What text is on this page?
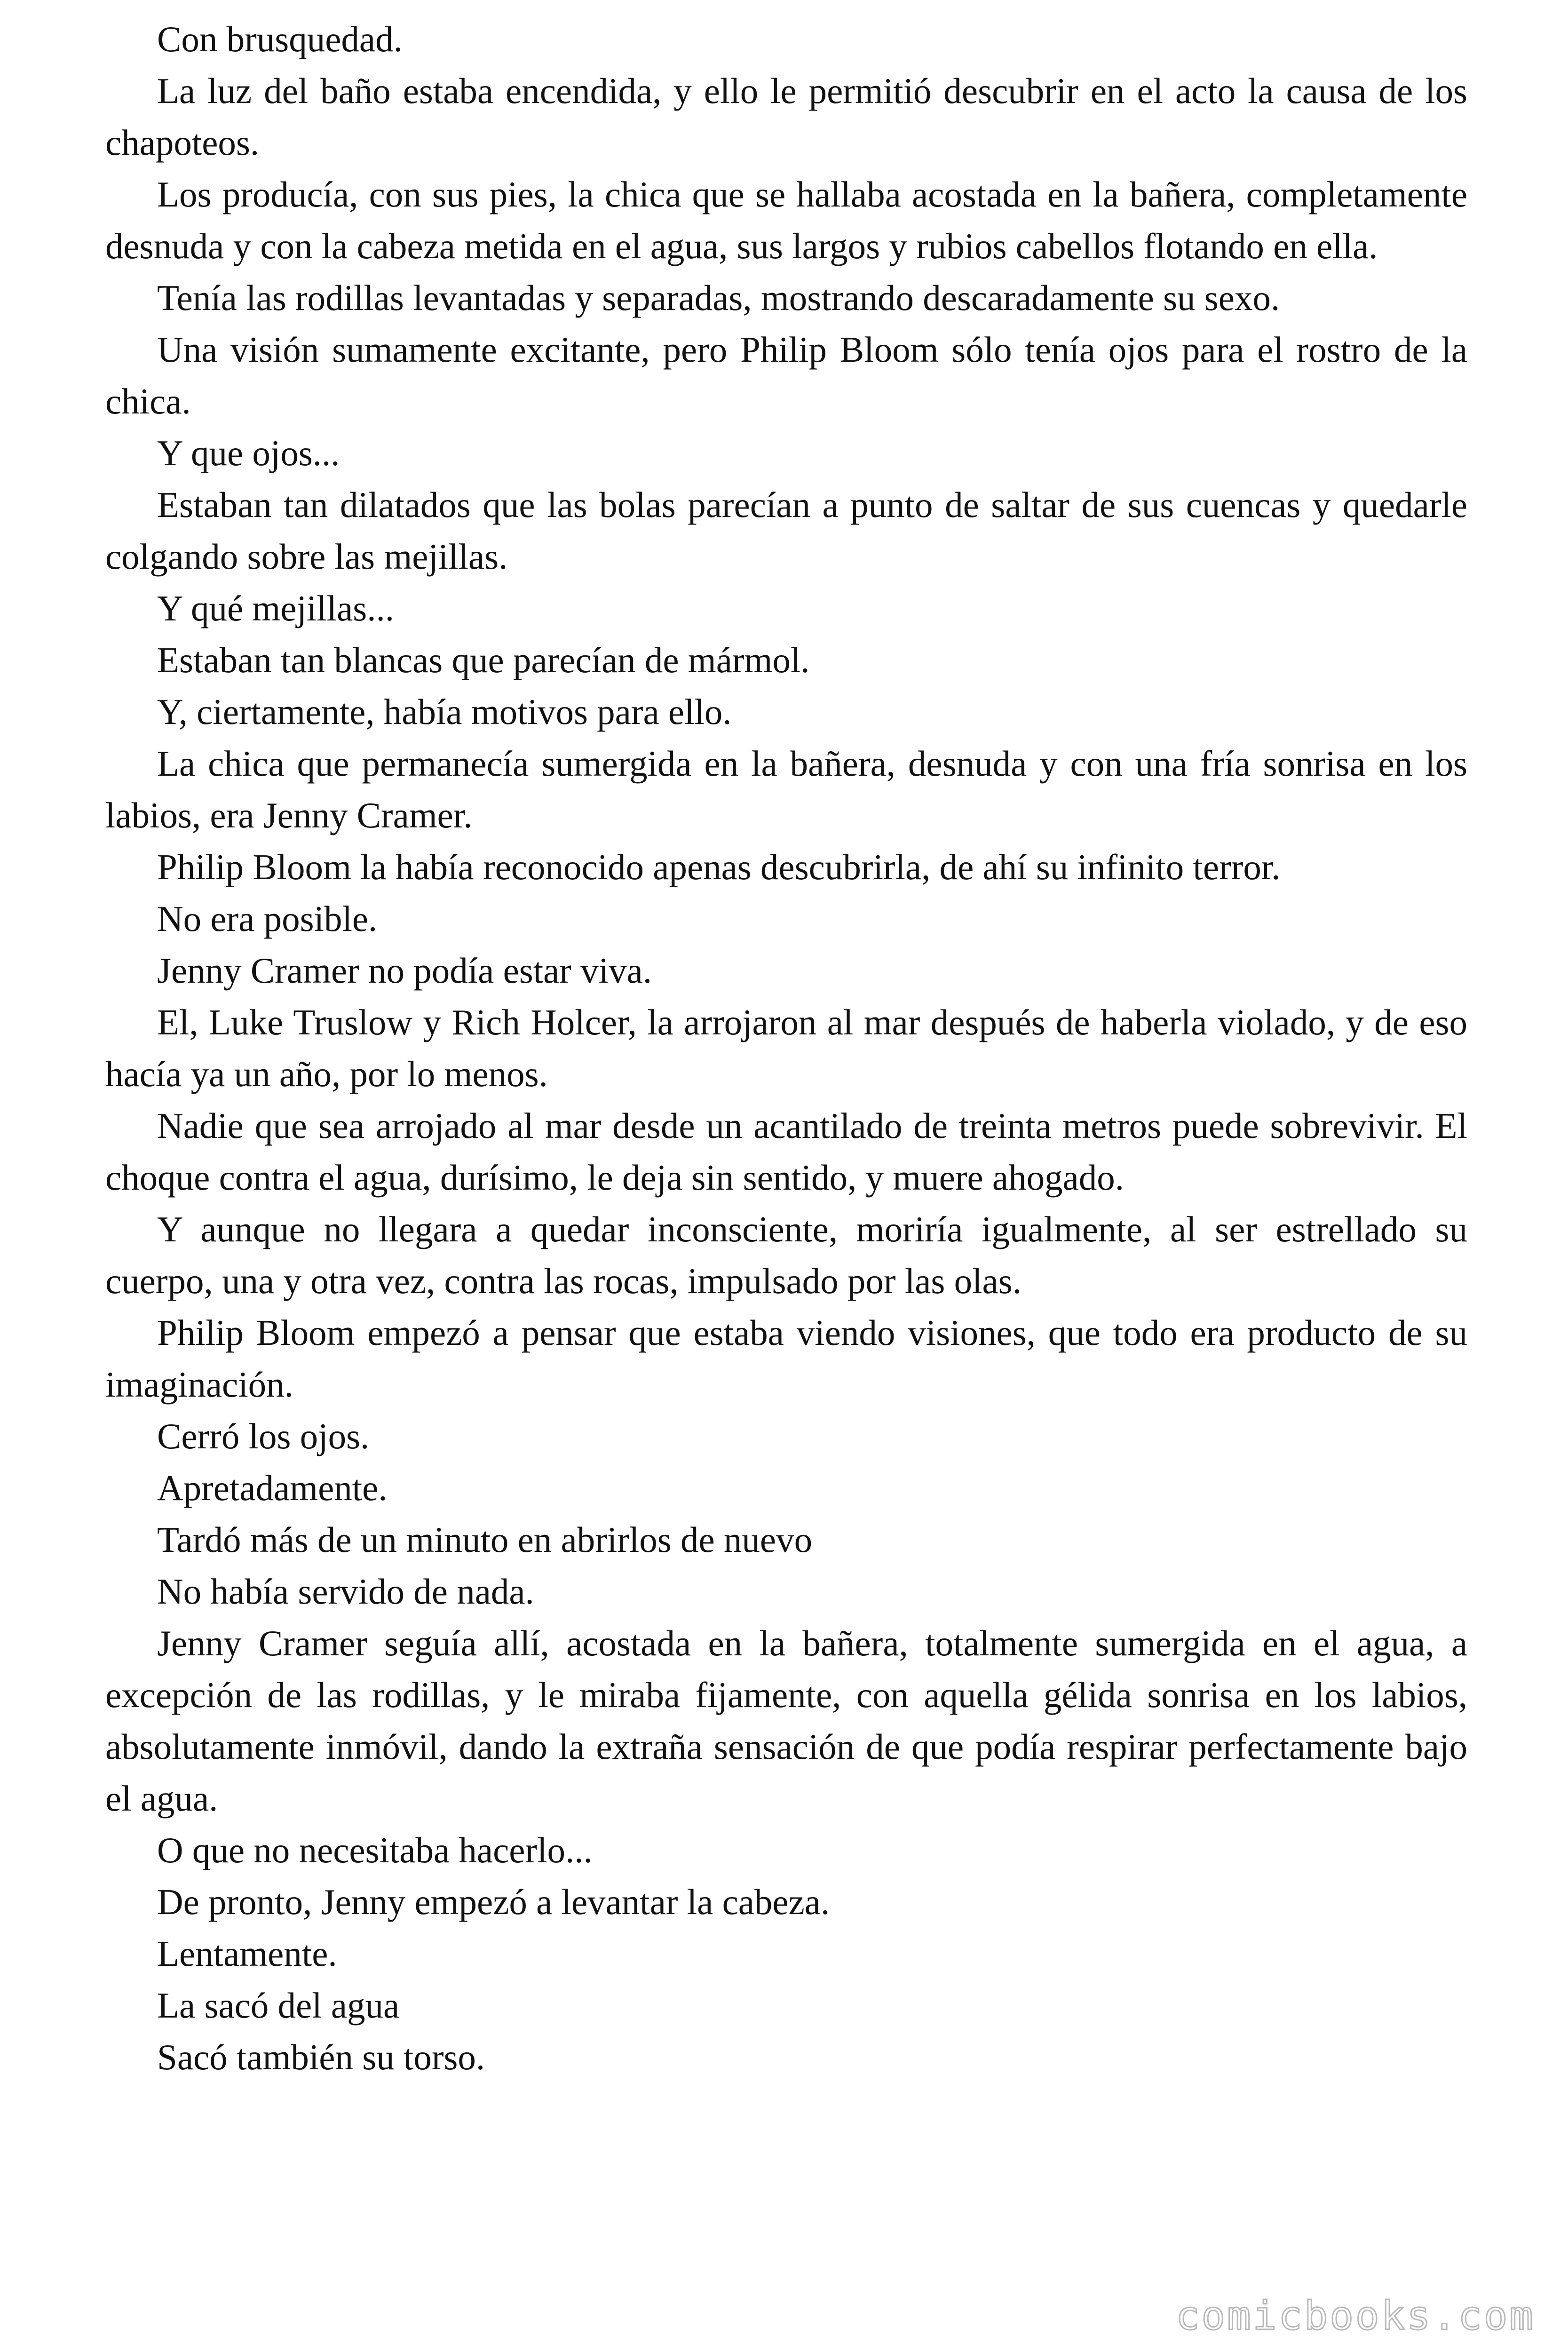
Con brusquedad.

La luz del baño estaba encendida, y ello le permitió descubrir en el acto la causa de los chapoteos.

Los producía, con sus pies, la chica que se hallaba acostada en la bañera, completamente desnuda y con la cabeza metida en el agua, sus largos y rubios cabellos flotando en ella.

Tenía las rodillas levantadas y separadas, mostrando descaradamente su sexo.

Una visión sumamente excitante, pero Philip Bloom sólo tenía ojos para el rostro de la chica.

Y que ojos...

Estaban tan dilatados que las bolas parecían a punto de saltar de sus cuencas y quedarle colgando sobre las mejillas.

Y qué mejillas...

Estaban tan blancas que parecían de mármol.

Y, ciertamente, había motivos para ello.

La chica que permanecía sumergida en la bañera, desnuda y con una fría sonrisa en los labios, era Jenny Cramer.

Philip Bloom la había reconocido apenas descubrirla, de ahí su infinito terror.

No era posible.

Jenny Cramer no podía estar viva.

El, Luke Truslow y Rich Holcer, la arrojaron al mar después de haberla violado, y de eso hacía ya un año, por lo menos.

Nadie que sea arrojado al mar desde un acantilado de treinta metros puede sobrevivir. El choque contra el agua, durísimo, le deja sin sentido, y muere ahogado.

Y aunque no llegara a quedar inconsciente, moriría igualmente, al ser estrellado su cuerpo, una y otra vez, contra las rocas, impulsado por las olas.

Philip Bloom empezó a pensar que estaba viendo visiones, que todo era producto de su imaginación.

Cerró los ojos.

Apretadamente.

Tardó más de un minuto en abrirlos de nuevo

No había servido de nada.

Jenny Cramer seguía allí, acostada en la bañera, totalmente sumergida en el agua, a excepción de las rodillas, y le miraba fijamente, con aquella gélida sonrisa en los labios, absolutamente inmóvil, dando la extraña sensación de que podía respirar perfectamente bajo el agua.

O que no necesitaba hacerlo...

De pronto, Jenny empezó a levantar la cabeza.

Lentamente.

La sacó del agua

Sacó también su torso.

comicbooks.com
